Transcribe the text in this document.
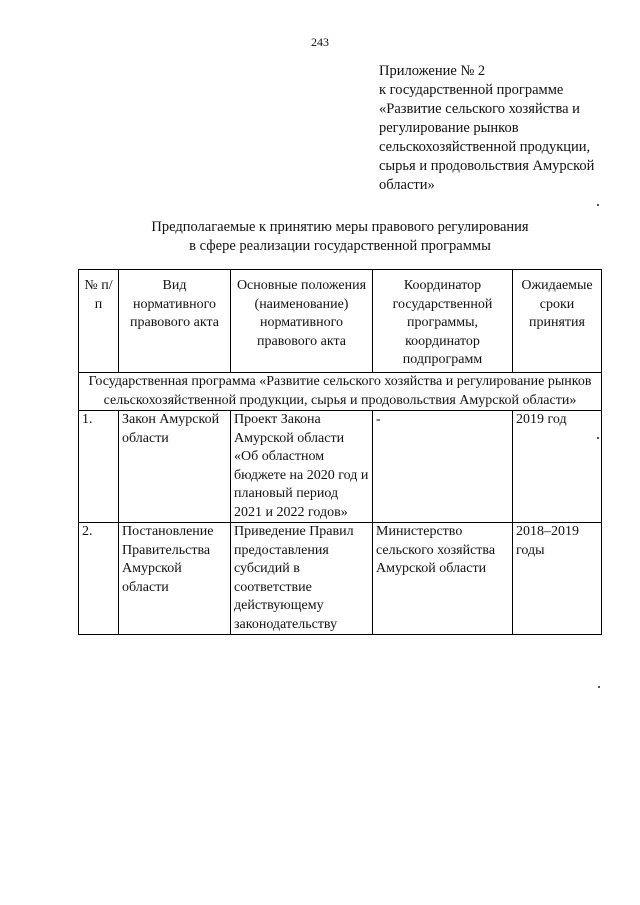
243
Приложение № 2
к государственной программе
«Развитие сельского хозяйства и
регулирование рынков
сельскохозяйственной продукции,
сырья и продовольствия Амурской
области»
Предполагаемые к принятию меры правового регулирования
в сфере реализации государственной программы
№ п/п	Вид нормативного правового акта	Основные положения (наименование) нормативного правового акта	Координатор государственной программы, координатор подпрограмм	Ожидаемые сроки принятия
Государственная программа «Развитие сельского хозяйства и регулирование рынков сельскохозяйственной продукции, сырья и продовольствия Амурской области»				
1.	Закон Амурской области	Проект Закона Амурской области «Об областном бюджете на 2020 год и плановый период 2021 и 2022 годов»	-	2019 год
2.	Постановление Правительства Амурской области	Приведение Правил предоставления субсидий в соответствие действующему законодательству	Министерство сельского хозяйства Амурской области	2018–2019 годы
